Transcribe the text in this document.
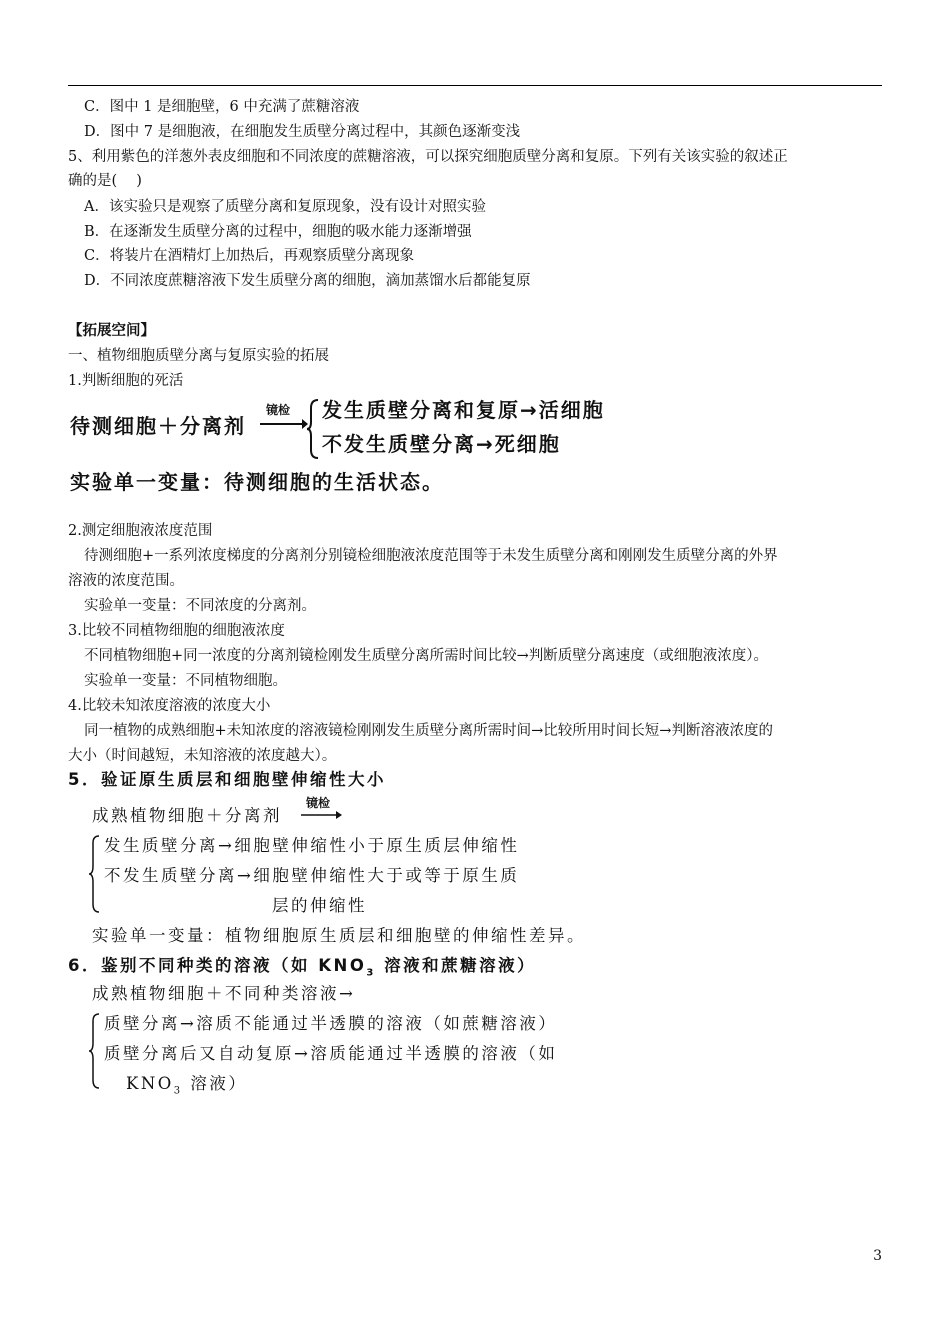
C．图中 1 是细胞壁，6 中充满了蔗糖溶液
D．图中 7 是细胞液，在细胞发生质壁分离过程中，其颜色逐渐变浅
5、利用紫色的洋葱外表皮细胞和不同浓度的蔗糖溶液，可以探究细胞质壁分离和复原。下列有关该实验的叙述正
确的是(　 )
A．该实验只是观察了质壁分离和复原现象，没有设计对照实验
B．在逐渐发生质壁分离的过程中，细胞的吸水能力逐渐增强
C．将装片在酒精灯上加热后，再观察质壁分离现象
D．不同浓度蔗糖溶液下发生质壁分离的细胞，滴加蒸馏水后都能复原
【拓展空间】
一、植物细胞质壁分离与复原实验的拓展
1.判断细胞的死活
待测细胞＋分离剂
镜检 发生质壁分离和复原→活细胞
不发生质壁分离→死细胞
实验单一变量：待测细胞的生活状态。
2.测定细胞液浓度范围
待测细胞+一系列浓度梯度的分离剂分别镜检细胞液浓度范围等于未发生质壁分离和刚刚发生质壁分离的外界
溶液的浓度范围。
实验单一变量：不同浓度的分离剂。
3.比较不同植物细胞的细胞液浓度
不同植物细胞+同一浓度的分离剂镜检刚发生质壁分离所需时间比较→判断质壁分离速度（或细胞液浓度）。
实验单一变量：不同植物细胞。
4.比较未知浓度溶液的浓度大小
同一植物的成熟细胞+未知浓度的溶液镜检刚刚发生质壁分离所需时间→比较所用时间长短→判断溶液浓度的
大小（时间越短，未知溶液的浓度越大）。
5．验证原生质层和细胞壁伸缩性大小
成熟植物细胞＋分离剂
镜检
发生质壁分离→细胞壁伸缩性小于原生质层伸缩性
不发生质壁分离→细胞壁伸缩性大于或等于原生质
层的伸缩性
实验单一变量：植物细胞原生质层和细胞壁的伸缩性差异。
6．鉴别不同种类的溶液（如 $KNO_3$ 溶液和蔗糖溶液）
成熟植物细胞＋不同种类溶液→
质壁分离→溶质不能通过半透膜的溶液（如蔗糖溶液）
质壁分离后又自动复原→溶质能通过半透膜的溶液（如
$KNO_3$ 溶液）
3
